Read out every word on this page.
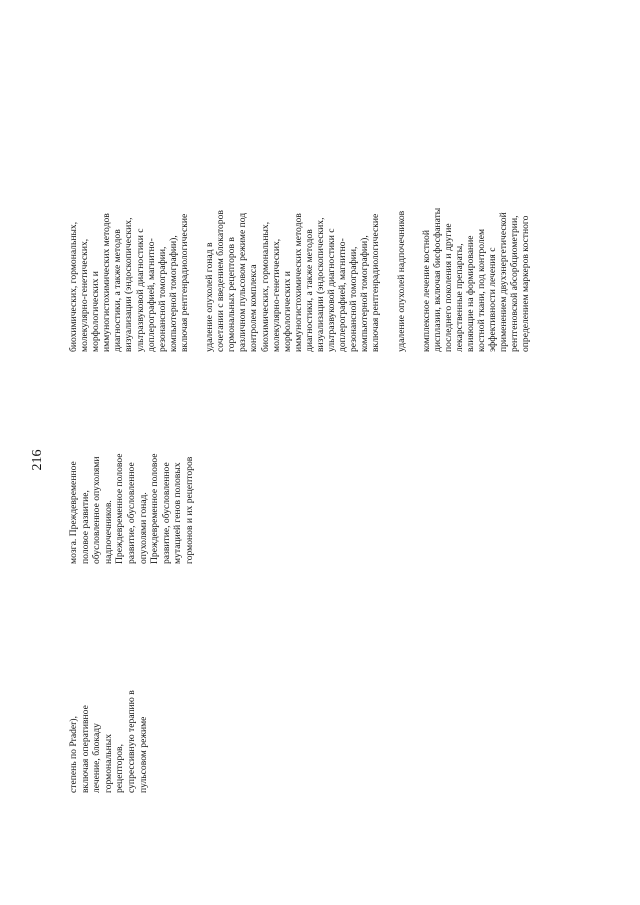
216

степень по Prader), включая оперативное лечение, блокаду гормональных рецепторов, супрессивную терапию в пульсовом режиме

мозга. Преждевременное половое развитие, обусловленное опухолями надпочечников. Преждевременное половое развитие, обусловленное опухолями гонад. Преждевременное половое развитие, обусловленное мутацией генов половых гормонов и их рецепторов

биохимических, гормональных, молекулярно-генетических, морфологических и иммуногистохимических методов диагностики, а также методов визуализации (эндоскопических, ультразвуковой диагностики с доплерографией, магнитно- резонансной томографии, компьютерной томографии), включая рентгенрадиологические удаление опухолей гонад в сочетании с введением блокаторов гормональных рецепторов в различном пульсовом режиме под контролем комплекса биохимических, гормональных, молекулярно-генетических, морфологических и иммуногистохимических методов диагностики, а также методов визуализации (эндоскопических, ультразвуковой диагностики с доплерографией, магнитно- резонансной томографии, компьютерной томографии), включая рентгенрадиологические удаление опухолей надпочечников комплексное лечение костной дисплазии, включая бисфосфанаты последнего поколения и другие лекарственные препараты, влияющие на формирование костной ткани, под контролем эффективности лечения с применением двухэнергетической рентгеновской абсорбциометрии, определением маркеров костного
